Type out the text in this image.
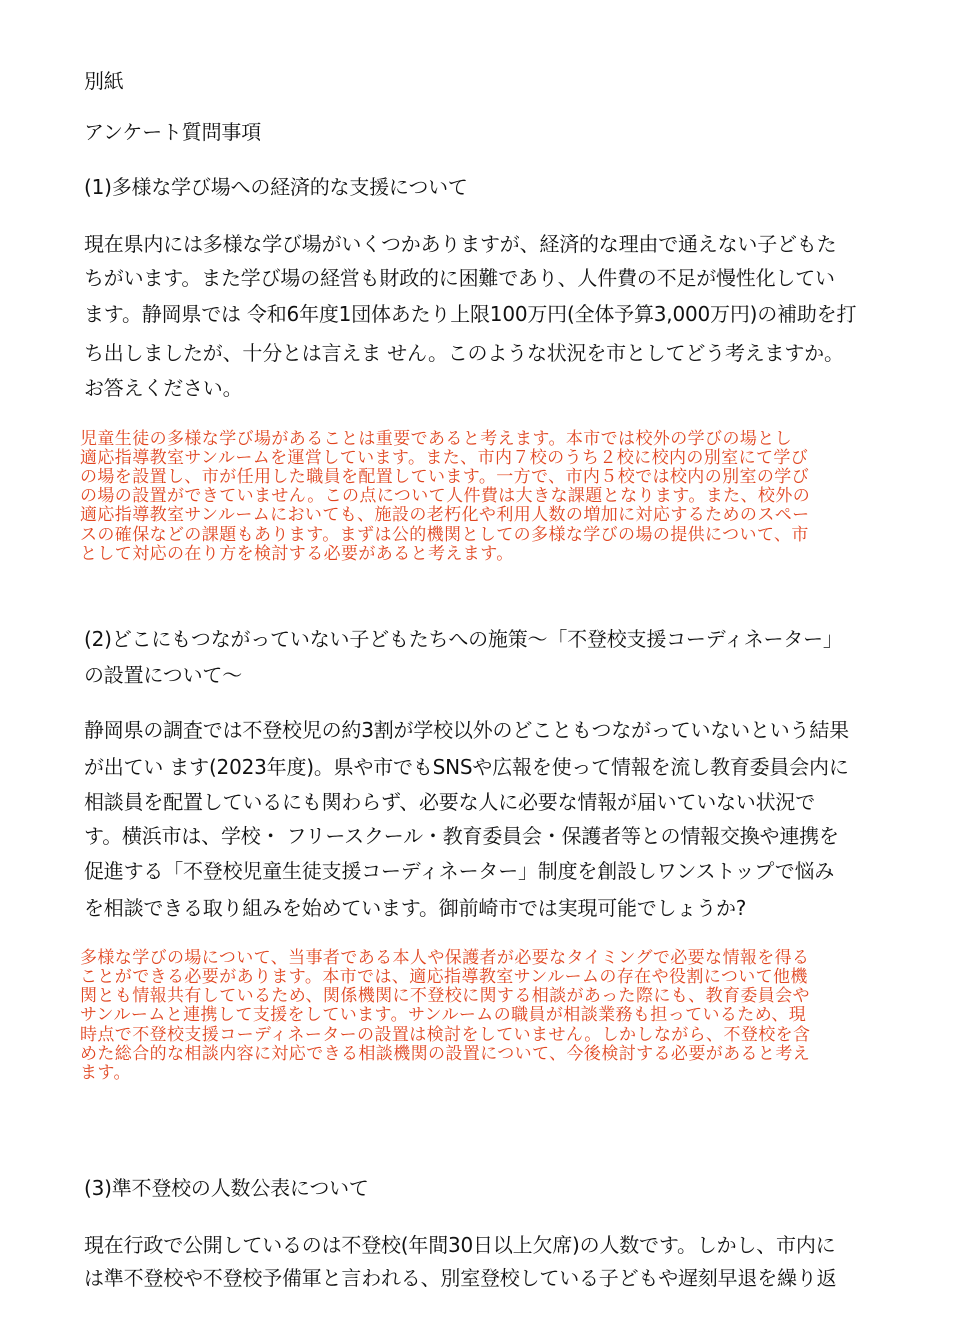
別紙

アンケート質問事項

(1)多様な学び場への経済的な支援について

現在県内には多様な学び場がいくつかありますが、経済的な理由で通えない子どもた

ちがいます。また学び場の経営も財政的に困難であり、人件費の不足が慢性化してい

ます。静岡県では 令和6年度1団体あたり上限100万円(全体予算3,000万円)の補助を打

ち出しましたが、十分とは言えま せん。このような状況を市としてどう考えますか。

お答えください。

児童生徒の多様な学び場があることは重要であると考えます。本市では校外の学びの場とし

適応指導教室サンルームを運営しています。また、市内７校のうち２校に校内の別室にて学び

の場を設置し、市が任用した職員を配置しています。一方で、市内５校では校内の別室の学び

の場の設置ができていません。この点について人件費は大きな課題となります。また、校外の

適応指導教室サンルームにおいても、施設の老朽化や利用人数の増加に対応するためのスペー

スの確保などの課題もあります。まずは公的機関としての多様な学びの場の提供について、市

として対応の在り方を検討する必要があると考えます。

(2)どこにもつながっていない子どもたちへの施策～「不登校支援コーディネーター」

の設置について～

静岡県の調査では不登校児の約3割が学校以外のどこともつながっていないという結果

が出てい ます(2023年度)。県や市でもSNSや広報を使って情報を流し教育委員会内に

相談員を配置しているにも関わらず、必要な人に必要な情報が届いていない状況で

す。横浜市は、学校・ フリースクール・教育委員会・保護者等との情報交換や連携を

促進する「不登校児童生徒支援コーディネーター」制度を創設しワンストップで悩み

を相談できる取り組みを始めています。御前崎市では実現可能でしょうか?

多様な学びの場について、当事者である本人や保護者が必要なタイミングで必要な情報を得る

ことができる必要があります。本市では、適応指導教室サンルームの存在や役割について他機

関とも情報共有しているため、関係機関に不登校に関する相談があった際にも、教育委員会や

サンルームと連携して支援をしています。サンルームの職員が相談業務も担っているため、現

時点で不登校支援コーディネーターの設置は検討をしていません。しかしながら、不登校を含

めた総合的な相談内容に対応できる相談機関の設置について、今後検討する必要があると考え

ます。

(3)準不登校の人数公表について

現在行政で公開しているのは不登校(年間30日以上欠席)の人数です。しかし、市内に

は準不登校や不登校予備軍と言われる、別室登校している子どもや遅刻早退を繰り返
